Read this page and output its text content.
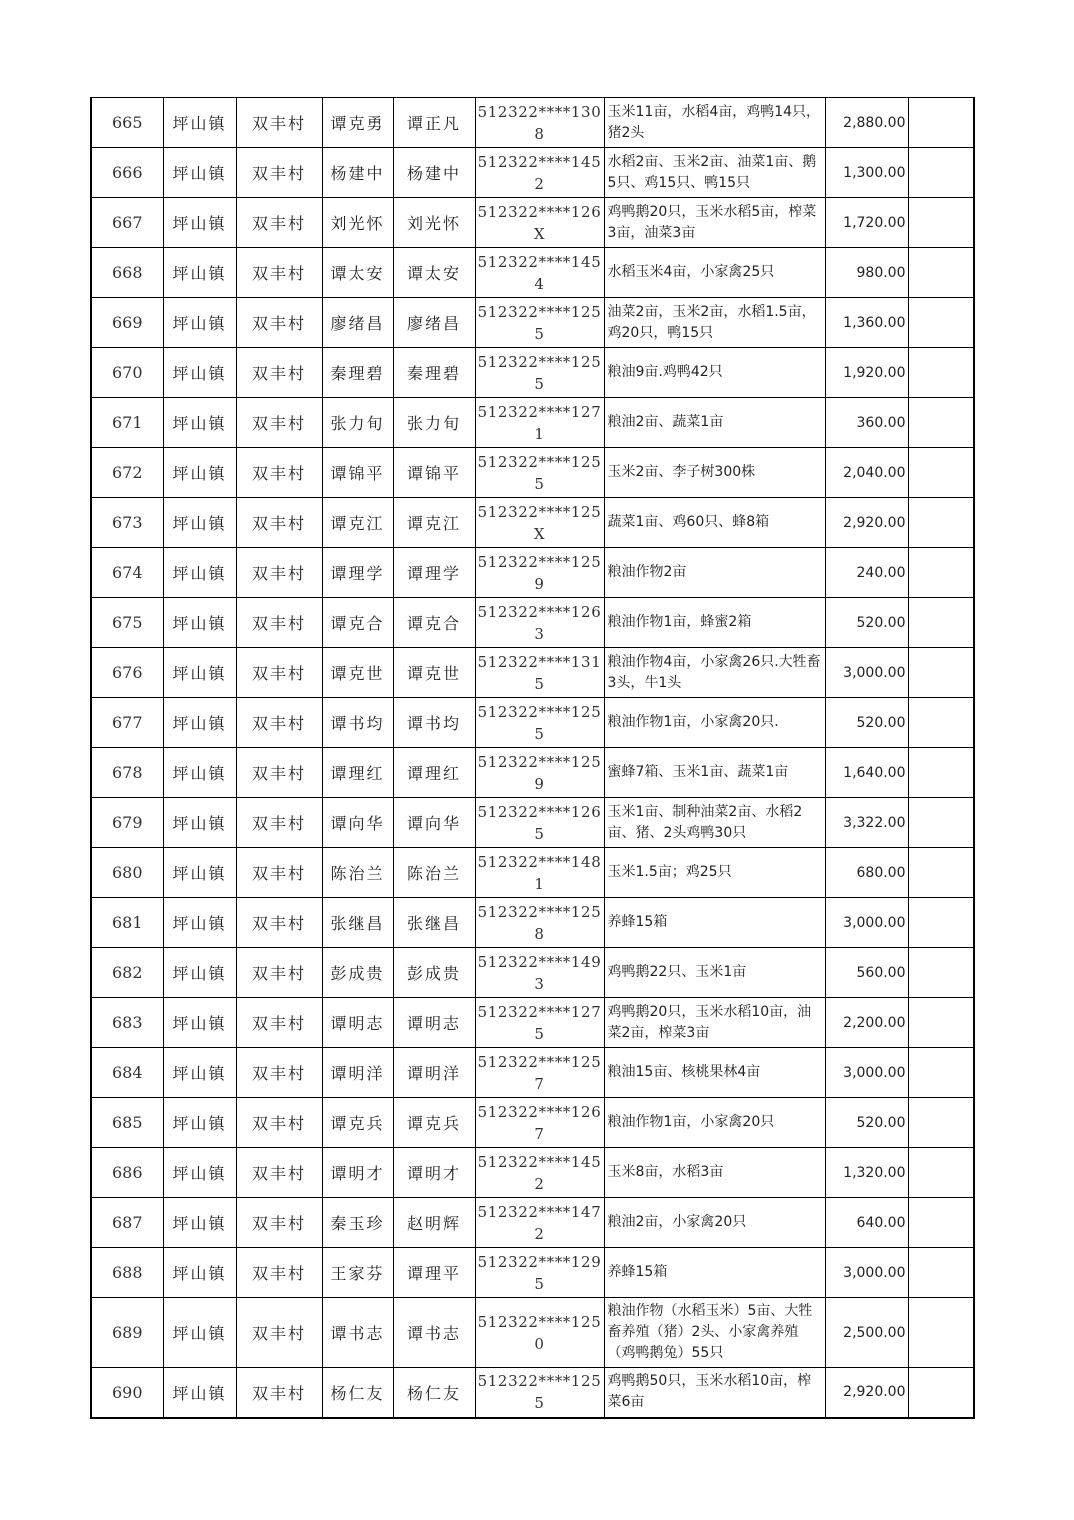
665	坪山镇	双丰村	谭克勇	谭正凡	512322****1308	玉米11亩，水稻4亩，鸡鸭14只，猪2头	2,880.00	
666	坪山镇	双丰村	杨建中	杨建中	512322****1452	水稻2亩、玉米2亩、油菜1亩、鹅5只、鸡15只、鸭15只	1,300.00	
667	坪山镇	双丰村	刘光怀	刘光怀	512322****126X	鸡鸭鹅20只，玉米水稻5亩，榨菜3亩，油菜3亩	1,720.00	
668	坪山镇	双丰村	谭太安	谭太安	512322****1454	水稻玉米4亩，小家禽25只	980.00	
669	坪山镇	双丰村	廖绪昌	廖绪昌	512322****1255	油菜2亩，玉米2亩，水稻1.5亩，鸡20只，鸭15只	1,360.00	
670	坪山镇	双丰村	秦理碧	秦理碧	512322****1255	粮油9亩.鸡鸭42只	1,920.00	
671	坪山镇	双丰村	张力旬	张力旬	512322****1271	粮油2亩、蔬菜1亩	360.00	
672	坪山镇	双丰村	谭锦平	谭锦平	512322****1255	玉米2亩、李子树300株	2,040.00	
673	坪山镇	双丰村	谭克江	谭克江	512322****125X	蔬菜1亩、鸡60只、蜂8箱	2,920.00	
674	坪山镇	双丰村	谭理学	谭理学	512322****1259	粮油作物2亩	240.00	
675	坪山镇	双丰村	谭克合	谭克合	512322****1263	粮油作物1亩，蜂蜜2箱	520.00	
676	坪山镇	双丰村	谭克世	谭克世	512322****1315	粮油作物4亩，小家禽26只.大牲畜3头，牛1头	3,000.00	
677	坪山镇	双丰村	谭书均	谭书均	512322****1255	粮油作物1亩，小家禽20只.	520.00	
678	坪山镇	双丰村	谭理红	谭理红	512322****1259	蜜蜂7箱、玉米1亩、蔬菜1亩	1,640.00	
679	坪山镇	双丰村	谭向华	谭向华	512322****1265	玉米1亩、制种油菜2亩、水稻2亩、猪、2头鸡鸭30只	3,322.00	
680	坪山镇	双丰村	陈治兰	陈治兰	512322****1481	玉米1.5亩；鸡25只	680.00	
681	坪山镇	双丰村	张继昌	张继昌	512322****1258	养蜂15箱	3,000.00	
682	坪山镇	双丰村	彭成贵	彭成贵	512322****1493	鸡鸭鹅22只、玉米1亩	560.00	
683	坪山镇	双丰村	谭明志	谭明志	512322****1275	鸡鸭鹅20只，玉米水稻10亩，油菜2亩，榨菜3亩	2,200.00	
684	坪山镇	双丰村	谭明洋	谭明洋	512322****1257	粮油15亩、核桃果林4亩	3,000.00	
685	坪山镇	双丰村	谭克兵	谭克兵	512322****1267	粮油作物1亩，小家禽20只	520.00	
686	坪山镇	双丰村	谭明才	谭明才	512322****1452	玉米8亩，水稻3亩	1,320.00	
687	坪山镇	双丰村	秦玉珍	赵明辉	512322****1472	粮油2亩，小家禽20只	640.00	
688	坪山镇	双丰村	王家芬	谭理平	512322****1295	养蜂15箱	3,000.00	
689	坪山镇	双丰村	谭书志	谭书志	512322****1250	粮油作物（水稻玉米）5亩、大牲畜养殖（猪）2头、小家禽养殖（鸡鸭鹅兔）55只	2,500.00	
690	坪山镇	双丰村	杨仁友	杨仁友	512322****1255	鸡鸭鹅50只，玉米水稻10亩，榨菜6亩	2,920.00	
